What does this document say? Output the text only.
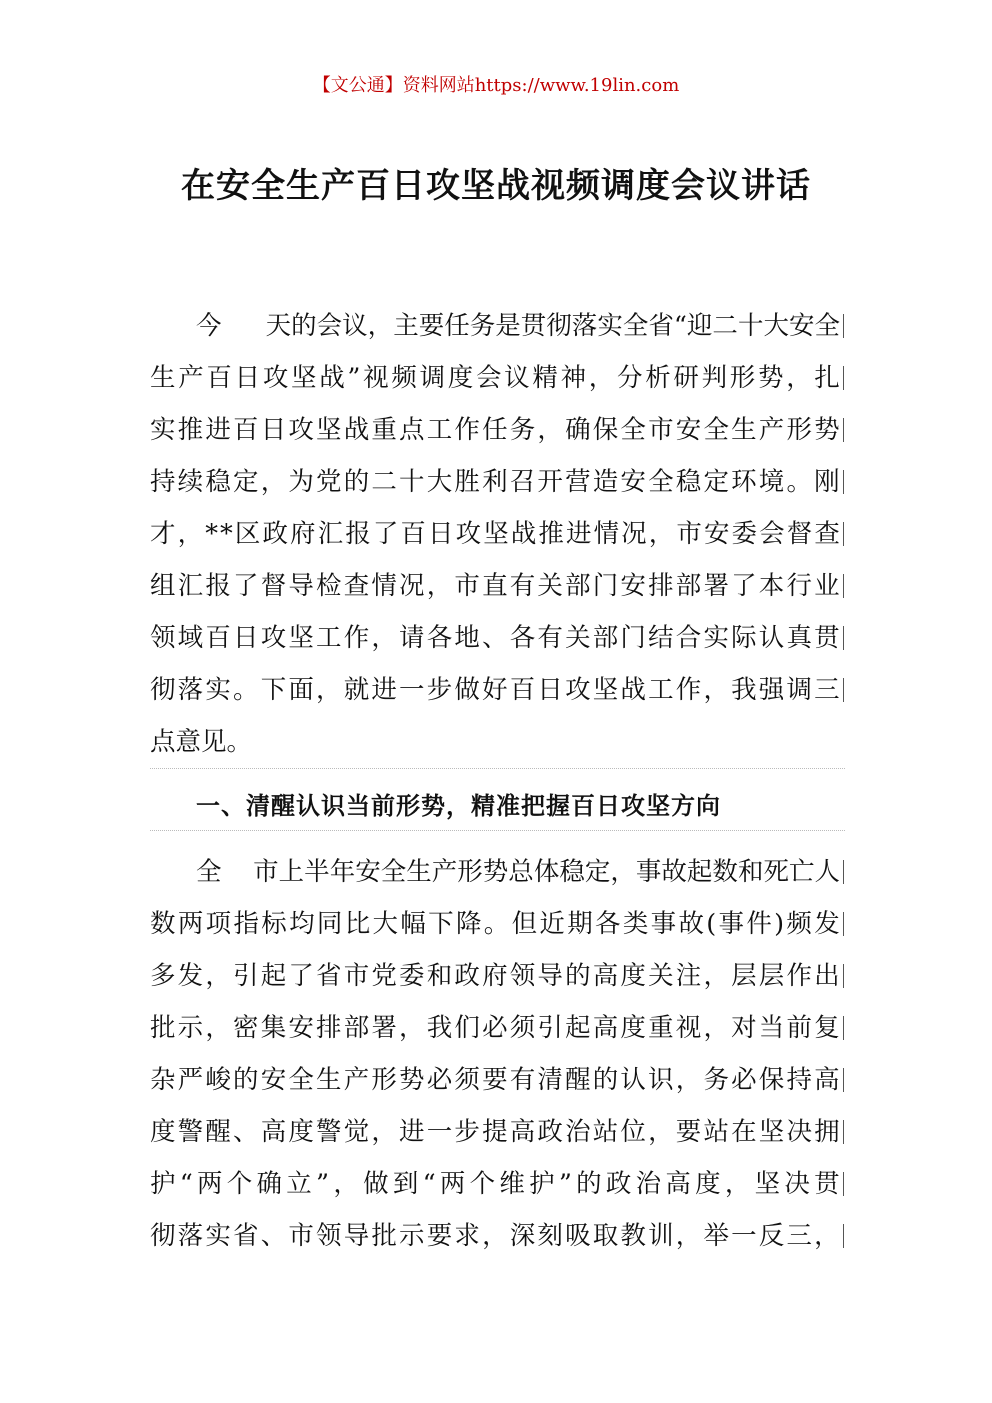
【文公通】资料网站https://www.19lin.com
在安全生产百日攻坚战视频调度会议讲话
今	天 的 会 议 ， 主 要 任 务 是 贯 彻 落 实 全 省 “ 迎 二 十 大 安 全
生 产 百 日 攻 坚 战 ” 视 频 调 度 会 议 精 神 ， 分 析 研 判 形 势 ， 扎
实 推 进 百 日 攻 坚 战 重 点 工 作 任 务 ， 确 保 全 市 安 全 生 产 形 势
持 续 稳 定 ， 为 党 的 二 十 大 胜 利 召 开 营 造 安 全 稳 定 环 境 。 刚
才 ， * * 区 政 府 汇 报 了 百 日 攻 坚 战 推 进 情 况 ， 市 安 委 会 督 查
组 汇 报 了 督 导 检 查 情 况 ， 市 直 有 关 部 门 安 排 部 署 了 本 行 业
领 域 百 日 攻 坚 工 作 ， 请 各 地 、 各 有 关 部 门 结 合 实 际 认 真 贯
彻 落 实 。 下 面 ， 就 进 一 步 做 好 百 日 攻 坚 战 工 作 ， 我 强 调 三
点意见。
一、清醒认识当前形势，精准把握百日攻坚方向
全	市 上 半 年 安 全 生 产 形 势 总 体 稳 定 ， 事 故 起 数 和 死 亡 人
数 两 项 指 标 均 同 比 大 幅 下 降 。 但 近 期 各 类 事 故 ( 事 件 ) 频 发
多 发 ， 引 起 了 省 市 党 委 和 政 府 领 导 的 高 度 关 注 ， 层 层 作 出
批 示 ， 密 集 安 排 部 署 ， 我 们 必 须 引 起 高 度 重 视 ， 对 当 前 复
杂 严 峻 的 安 全 生 产 形 势 必 须 要 有 清 醒 的 认 识 ， 务 必 保 持 高
度 警 醒 、 高 度 警 觉 ， 进 一 步 提 高 政 治 站 位 ， 要 站 在 坚 决 拥
护 “ 两 个 确 立 ” ， 做 到 “ 两 个 维 护 ” 的 政 治 高 度 ， 坚 决 贯
彻 落 实 省 、 市 领 导 批 示 要 求 ， 深 刻 吸 取 教 训 ， 举 一 反 三 ，
